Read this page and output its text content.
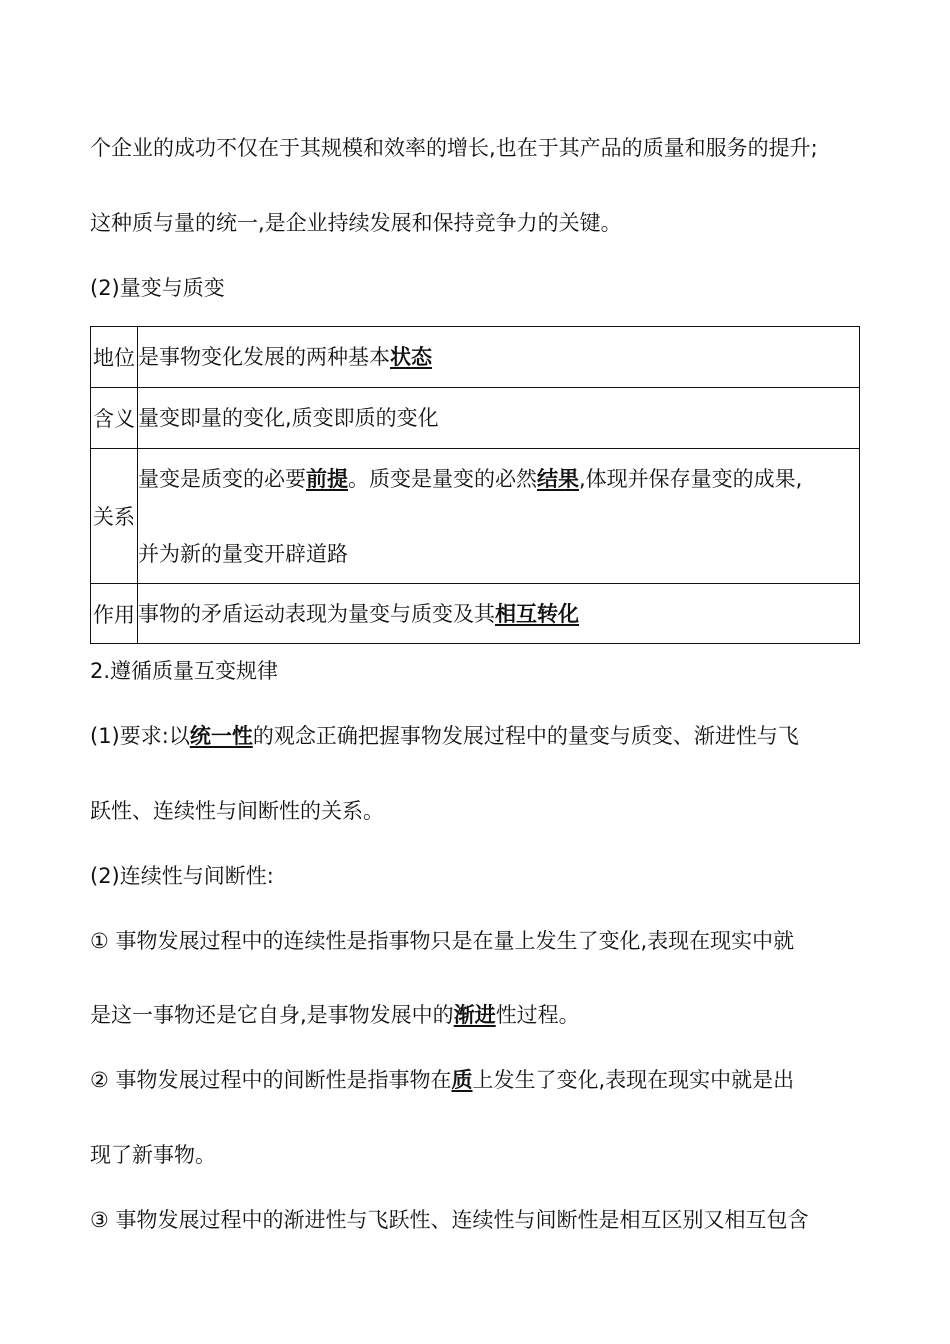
个企业的成功不仅在于其规模和效率的增长,也在于其产品的质量和服务的提升;
这种质与量的统一,是企业持续发展和保持竞争力的关键。
(2)量变与质变
地位	是事物变化发展的两种基本状态

含义	量变即量的变化,质变即质的变化

关系	量变是质变的必要前提。质变是量变的必然结果,体现并保存量变的成果,
并为新的量变开辟道路

作用	事物的矛盾运动表现为量变与质变及其相互转化
2.遵循质量互变规律
(1)要求:以统一性的观念正确把握事物发展过程中的量变与质变、渐进性与飞
跃性、连续性与间断性的关系。
(2)连续性与间断性:
① 事物发展过程中的连续性是指事物只是在量上发生了变化,表现在现实中就
是这一事物还是它自身,是事物发展中的渐进性过程。
② 事物发展过程中的间断性是指事物在质上发生了变化,表现在现实中就是出
现了新事物。
③ 事物发展过程中的渐进性与飞跃性、连续性与间断性是相互区别又相互包含
